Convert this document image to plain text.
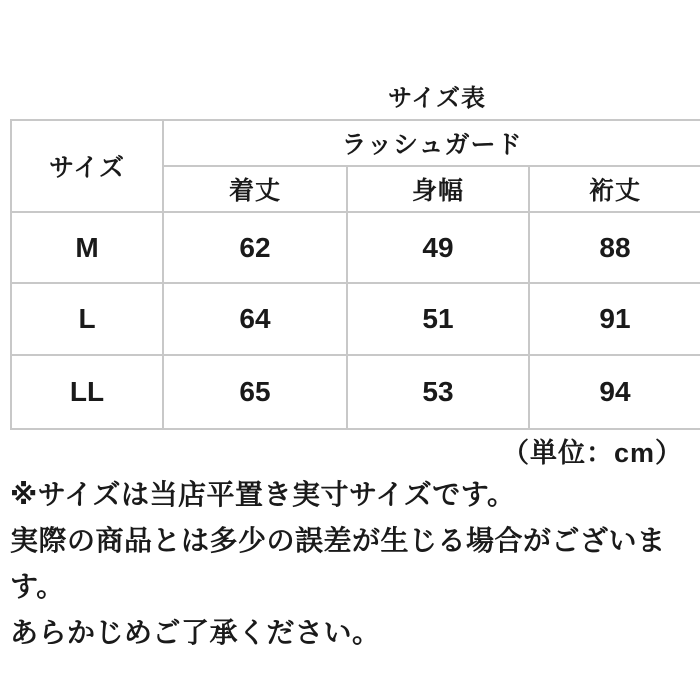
サイズ表
サイズ	ラッシュガード		
	着丈	身幅	裄丈
M	62	49	88
L	64	51	91
LL	65	53	94
（単位：cm）
※サイズは当店平置き実寸サイズです。
実際の商品とは多少の誤差が生じる場合がございます。
あらかじめご了承ください。
